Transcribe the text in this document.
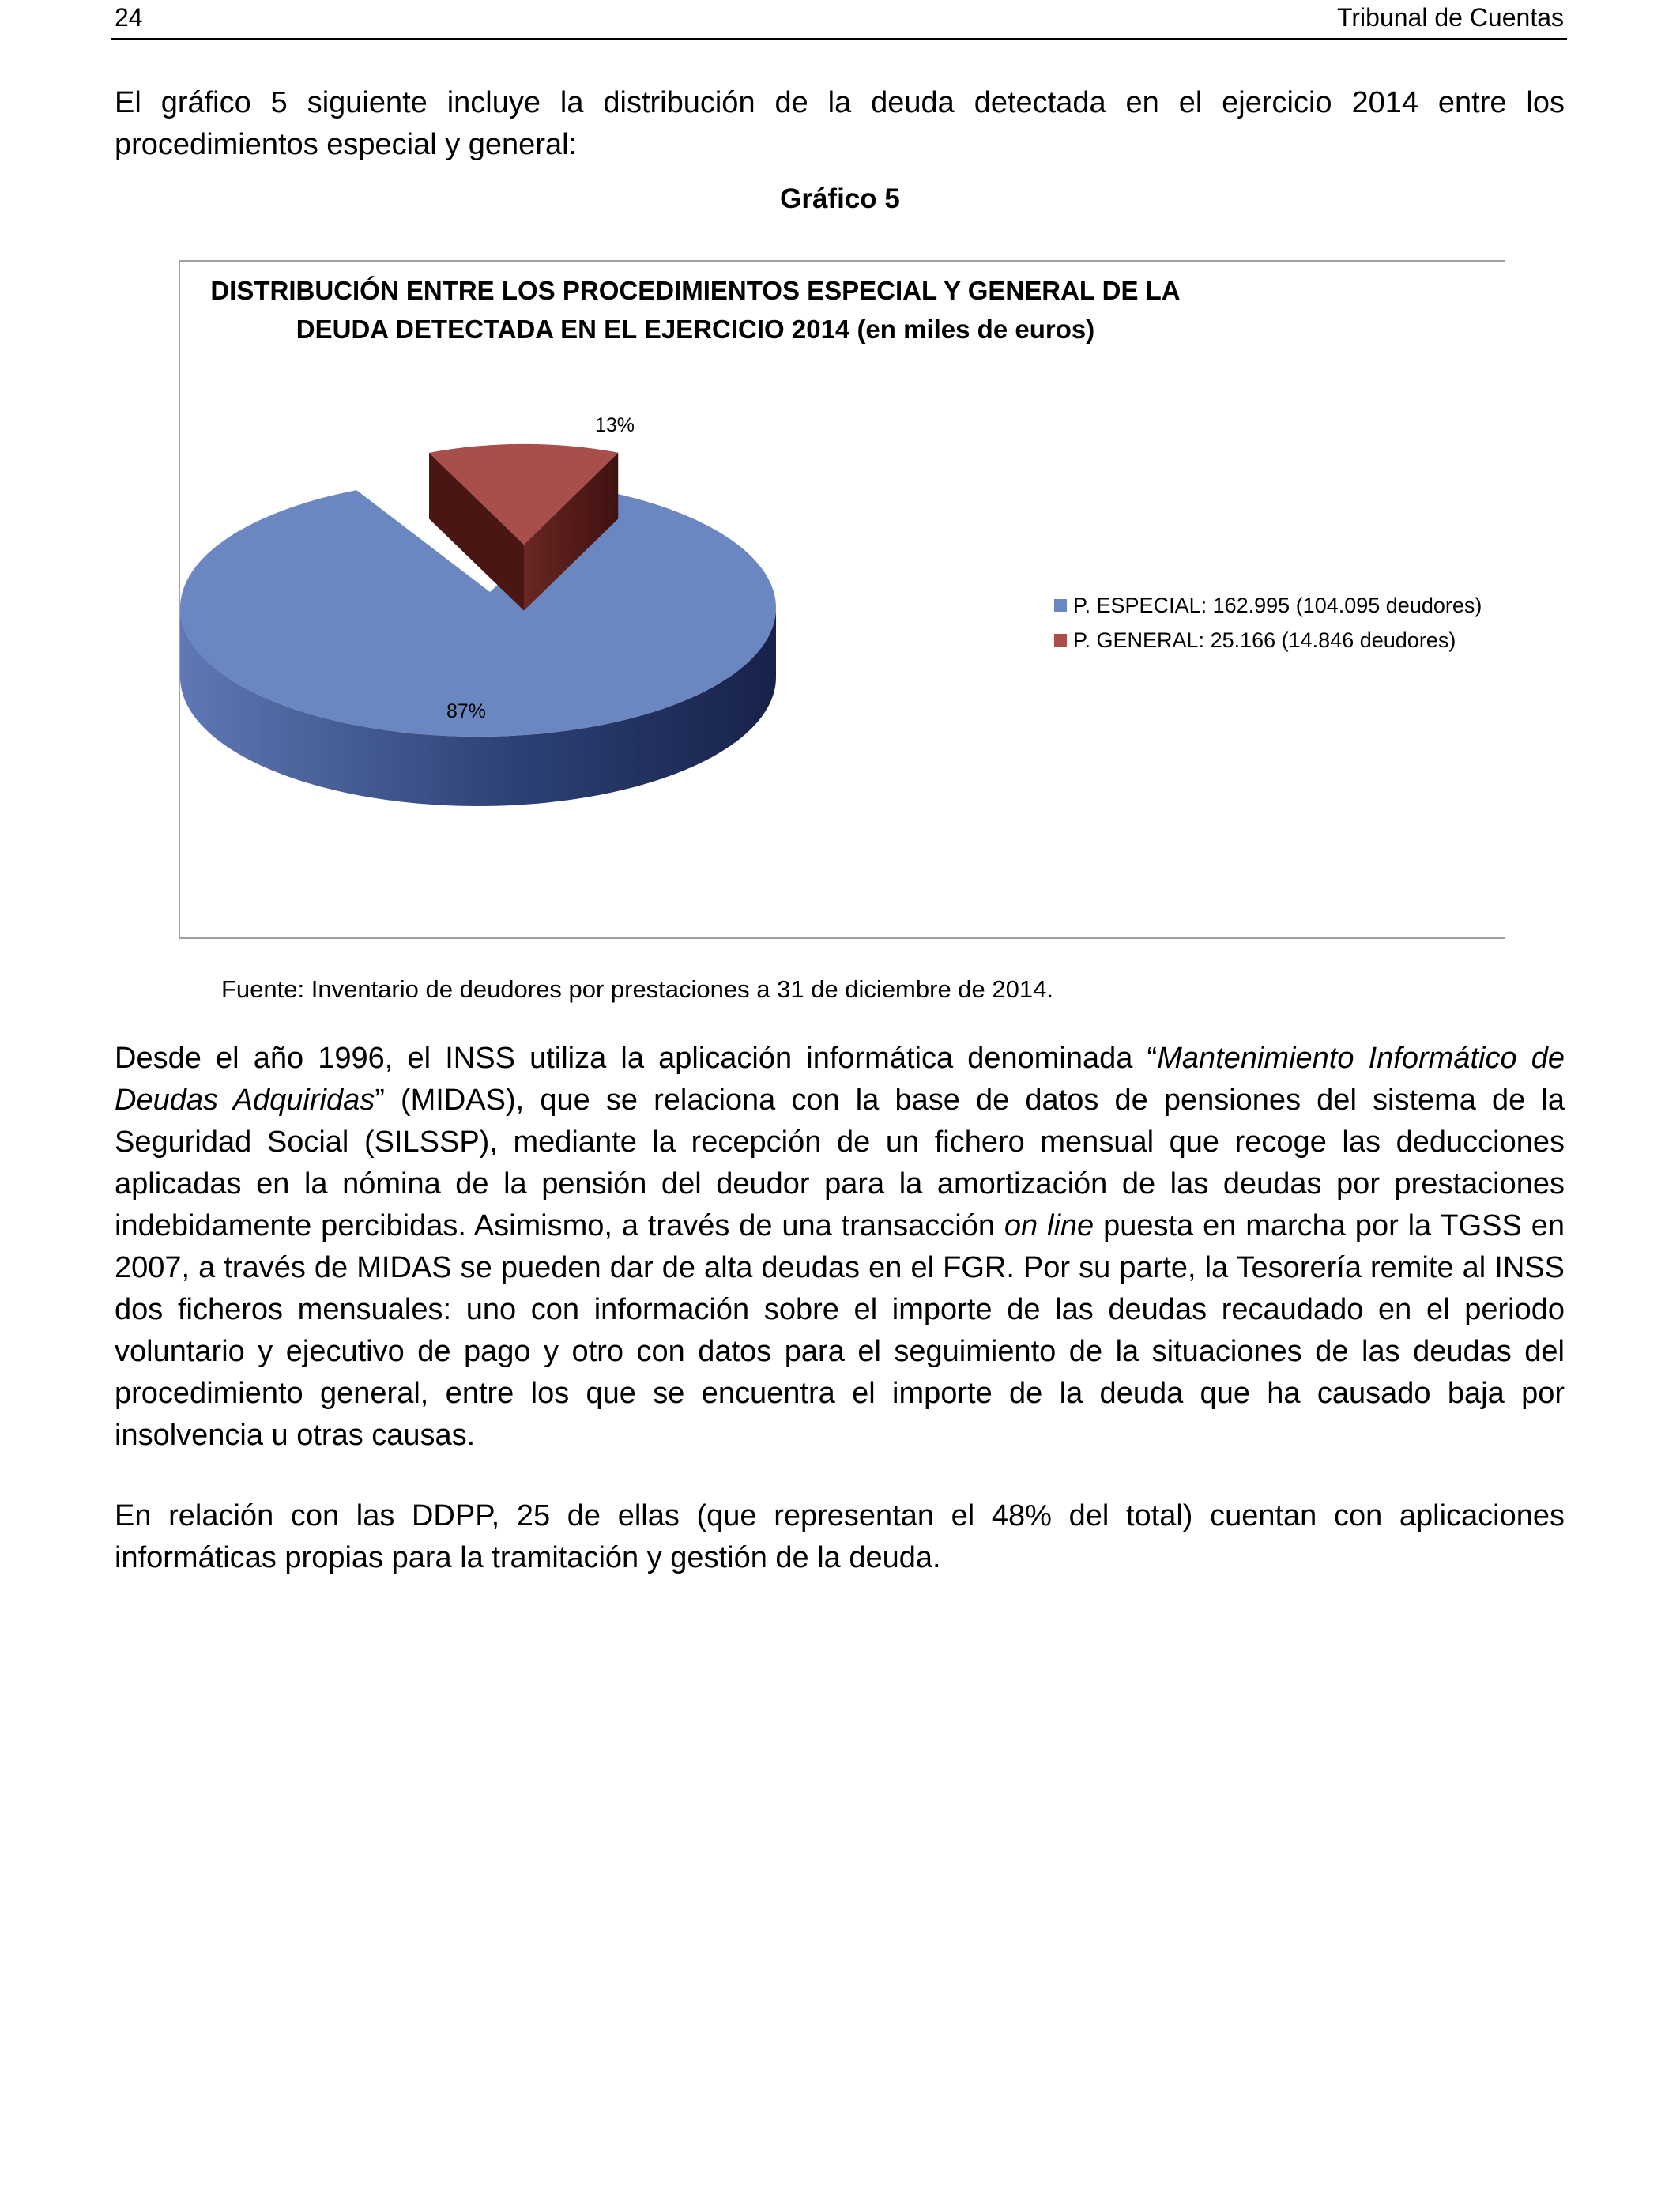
24	Tribunal de Cuentas

El gráfico 5 siguiente incluye la distribución de la deuda detectada en el ejercicio 2014 entre los procedimientos especial y general:

Gráfico 5
DISTRIBUCIÓN ENTRE LOS PROCEDIMIENTOS ESPECIAL Y GENERAL DE LA
DEUDA DETECTADA EN EL EJERCICIO 2014 (en miles de euros)
13%
87%
P. ESPECIAL: 162.995 (104.095 deudores)
P. GENERAL: 25.166 (14.846 deudores)
Fuente: Inventario de deudores por prestaciones a 31 de diciembre de 2014.

Desde el año 1996, el INSS utiliza la aplicación informática denominada “Mantenimiento Informático de Deudas Adquiridas” (MIDAS), que se relaciona con la base de datos de pensiones del sistema de la Seguridad Social (SILSSP), mediante la recepción de un fichero mensual que recoge las deducciones aplicadas en la nómina de la pensión del deudor para la amortización de las deudas por prestaciones indebidamente percibidas. Asimismo, a través de una transacción on line puesta en marcha por la TGSS en 2007, a través de MIDAS se pueden dar de alta deudas en el FGR. Por su parte, la Tesorería remite al INSS dos ficheros mensuales: uno con información sobre el importe de las deudas recaudado en el periodo voluntario y ejecutivo de pago y otro con datos para el seguimiento de la situaciones de las deudas del procedimiento general, entre los que se encuentra el importe de la deuda que ha causado baja por insolvencia u otras causas.

En relación con las DDPP, 25 de ellas (que representan el 48% del total) cuentan con aplicaciones informáticas propias para la tramitación y gestión de la deuda.
